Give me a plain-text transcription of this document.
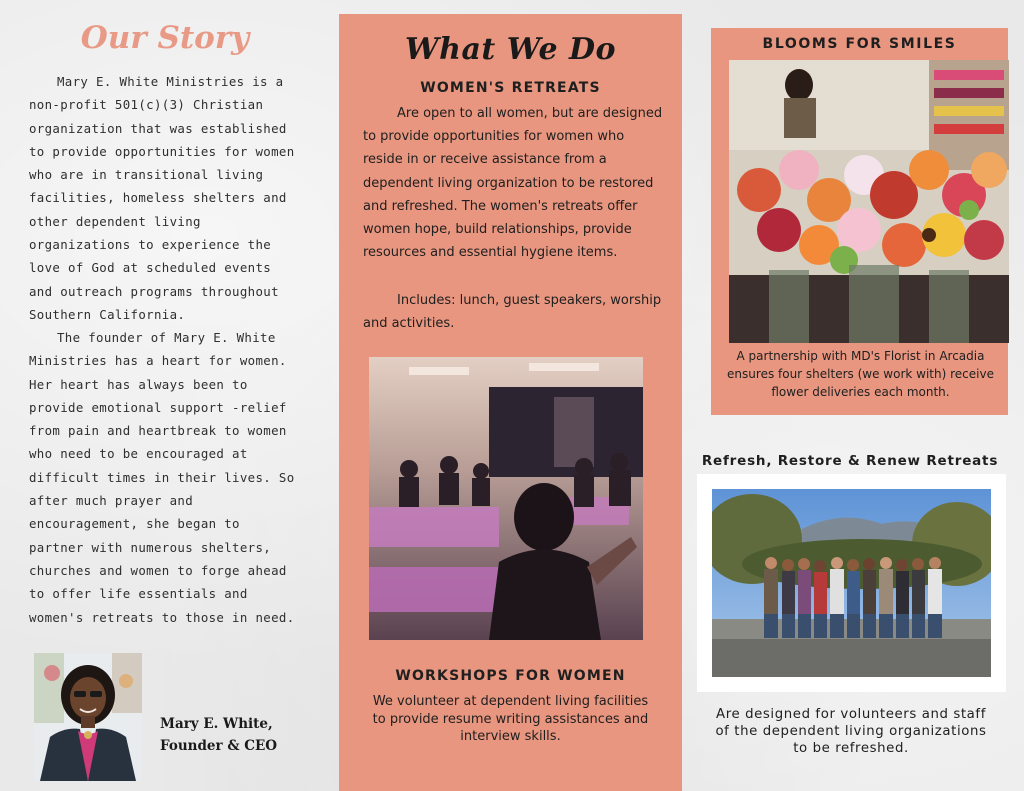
Our Story

Mary E. White Ministries is a non-profit 501(c)(3) Christian organization that was established to provide opportunities for women who are in transitional living facilities, homeless shelters and other dependent living organizations to experience the love of God at scheduled events and outreach programs throughout Southern California.

The founder of Mary E. White Ministries has a heart for women. Her heart has always been to provide emotional support -relief from pain and heartbreak to women who need to be encouraged at difficult times in their lives. So after much prayer and encouragement, she began to partner with numerous shelters, churches and women to forge ahead to offer life essentials and women's retreats to those in need.

Mary E. White,
Founder & CEO
What We Do
WOMEN'S RETREATS

Are open to all women, but are designed to provide opportunities for women who reside in or receive assistance from a dependent living organization to be restored and refreshed. The women's retreats offer women hope, build relationships, provide resources and essential hygiene items.

Includes: lunch, guest speakers, worship and activities.

WORKSHOPS FOR WOMEN

We volunteer at dependent living facilities to provide resume writing assistances and interview skills.

BLOOMS FOR SMILES

A partnership with MD's Florist in Arcadia ensures four shelters (we work with) receive flower deliveries each month.

Refresh, Restore & Renew Retreats

Are designed for volunteers and staff of the dependent living organizations to be refreshed.
